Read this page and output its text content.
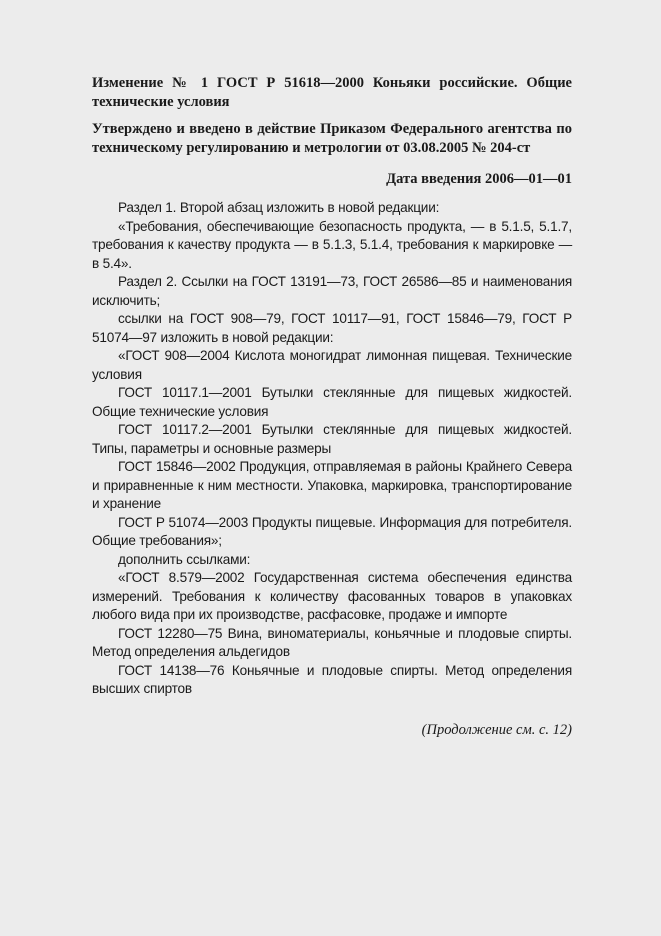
Изменение № 1 ГОСТ Р 51618—2000 Коньяки российские. Общие технические условия

Утверждено и введено в действие Приказом Федерального агентства по техническому регулированию и метрологии от 03.08.2005 № 204-ст

Дата введения 2006—01—01

Раздел 1. Второй абзац изложить в новой редакции:

«Требования, обеспечивающие безопасность продукта, — в 5.1.5, 5.1.7, требования к качеству продукта — в 5.1.3, 5.1.4, требования к маркировке — в 5.4».

Раздел 2. Ссылки на ГОСТ 13191—73, ГОСТ 26586—85 и наименования исключить;

ссылки на ГОСТ 908—79, ГОСТ 10117—91, ГОСТ 15846—79, ГОСТ Р 51074—97 изложить в новой редакции:

«ГОСТ 908—2004 Кислота моногидрат лимонная пищевая. Технические условия

ГОСТ 10117.1—2001 Бутылки стеклянные для пищевых жидкостей. Общие технические условия

ГОСТ 10117.2—2001 Бутылки стеклянные для пищевых жидкостей. Типы, параметры и основные размеры

ГОСТ 15846—2002 Продукция, отправляемая в районы Крайнего Севера и приравненные к ним местности. Упаковка, маркировка, транспортирование и хранение

ГОСТ Р 51074—2003 Продукты пищевые. Информация для потребителя. Общие требования»;

дополнить ссылками:

«ГОСТ 8.579—2002 Государственная система обеспечения единства измерений. Требования к количеству фасованных товаров в упаковках любого вида при их производстве, расфасовке, продаже и импорте

ГОСТ 12280—75 Вина, виноматериалы, коньячные и плодовые спирты. Метод определения альдегидов

ГОСТ 14138—76 Коньячные и плодовые спирты. Метод определения высших спиртов

(Продолжение см. с. 12)
